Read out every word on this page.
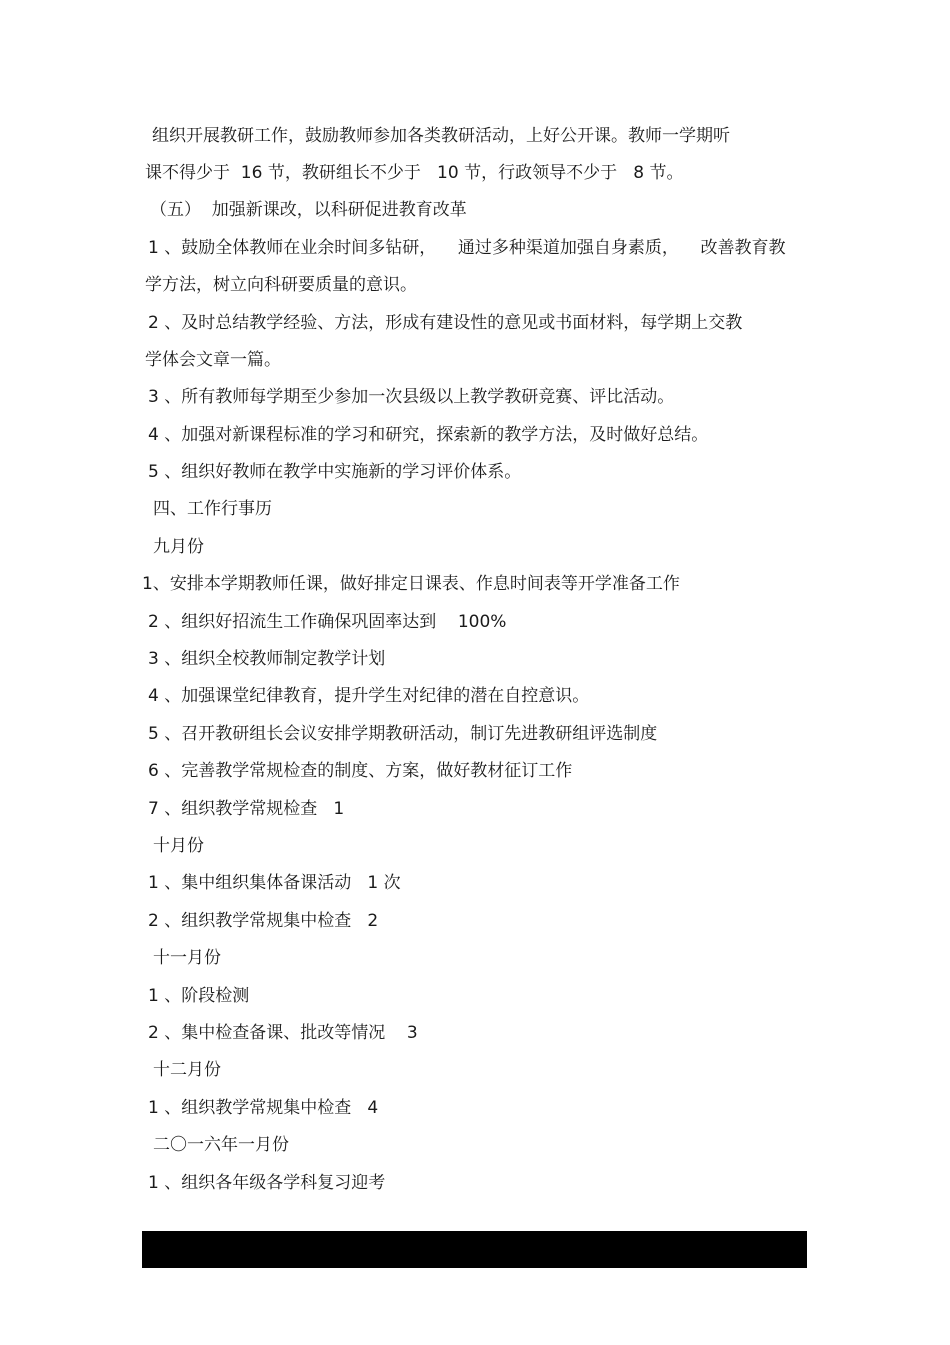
组织开展教研工作，鼓励教师参加各类教研活动，上好公开课。教师一学期听

课不得少于  16 节，教研组长不少于   10 节，行政领导不少于   8 节。

（五）  加强新课改，以科研促进教育改革

1 、鼓励全体教师在业余时间多钻研，    通过多种渠道加强自身素质，    改善教育教

学方法，树立向科研要质量的意识。

2 、及时总结教学经验、方法，形成有建设性的意见或书面材料，每学期上交教

学体会文章一篇。

3 、所有教师每学期至少参加一次县级以上教学教研竞赛、评比活动。

4 、加强对新课程标准的学习和研究，探索新的教学方法，及时做好总结。

5 、组织好教师在教学中实施新的学习评价体系。

四、工作行事历

九月份

1、安排本学期教师任课，做好排定日课表、作息时间表等开学准备工作

2 、组织好招流生工作确保巩固率达到    100%

3 、组织全校教师制定教学计划

4 、加强课堂纪律教育，提升学生对纪律的潜在自控意识。

5 、召开教研组长会议安排学期教研活动，制订先进教研组评选制度

6 、完善教学常规检查的制度、方案，做好教材征订工作

7 、组织教学常规检查   1

十月份

1 、集中组织集体备课活动   1 次

2 、组织教学常规集中检查   2

十一月份

1 、阶段检测

2 、集中检查备课、批改等情况    3

十二月份

1 、组织教学常规集中检查   4

二〇一六年一月份

1 、组织各年级各学科复习迎考
